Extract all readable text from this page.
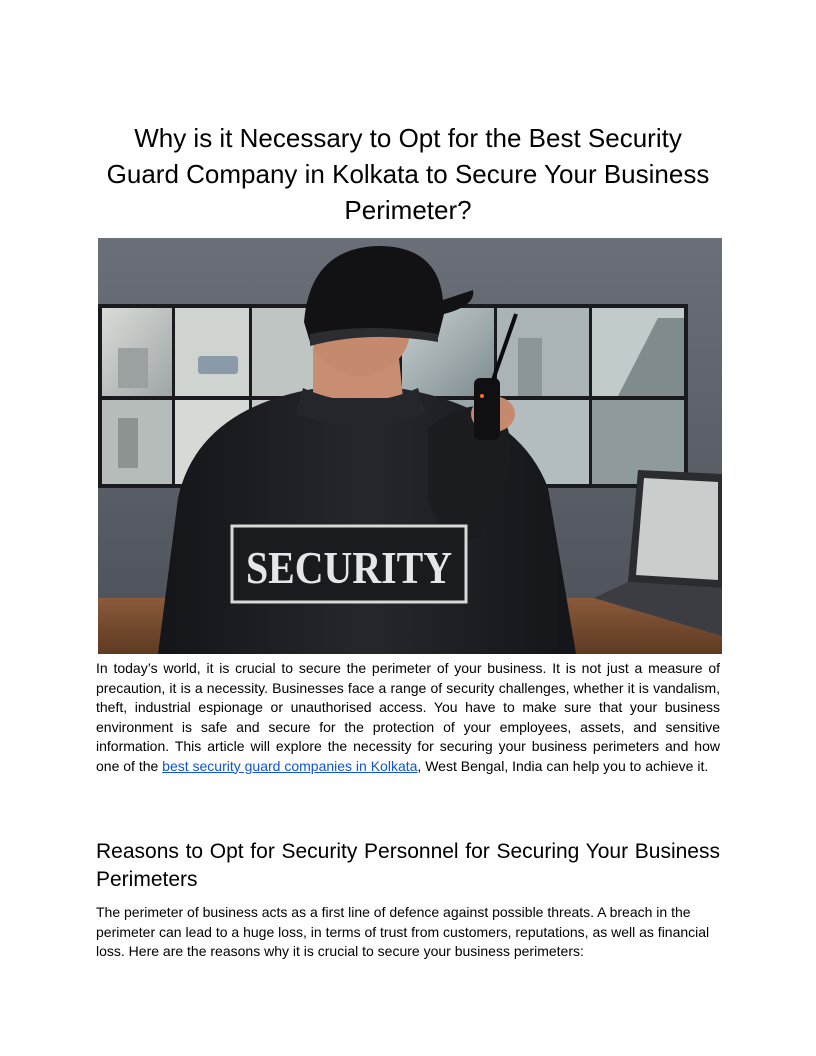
Why is it Necessary to Opt for the Best Security Guard Company in Kolkata to Secure Your Business Perimeter?
SECURITY

In today’s world, it is crucial to secure the perimeter of your business. It is not just a measure of precaution, it is a necessity. Businesses face a range of security challenges, whether it is vandalism, theft, industrial espionage or unauthorised access. You have to make sure that your business environment is safe and secure for the protection of your employees, assets, and sensitive information. This article will explore the necessity for securing your business perimeters and how one of the best security guard companies in Kolkata, West Bengal, India can help you to achieve it.

Reasons to Opt for Security Personnel for Securing Your Business Perimeters

The perimeter of business acts as a first line of defence against possible threats. A breach in the perimeter can lead to a huge loss, in terms of trust from customers, reputations, as well as financial loss. Here are the reasons why it is crucial to secure your business perimeters:
